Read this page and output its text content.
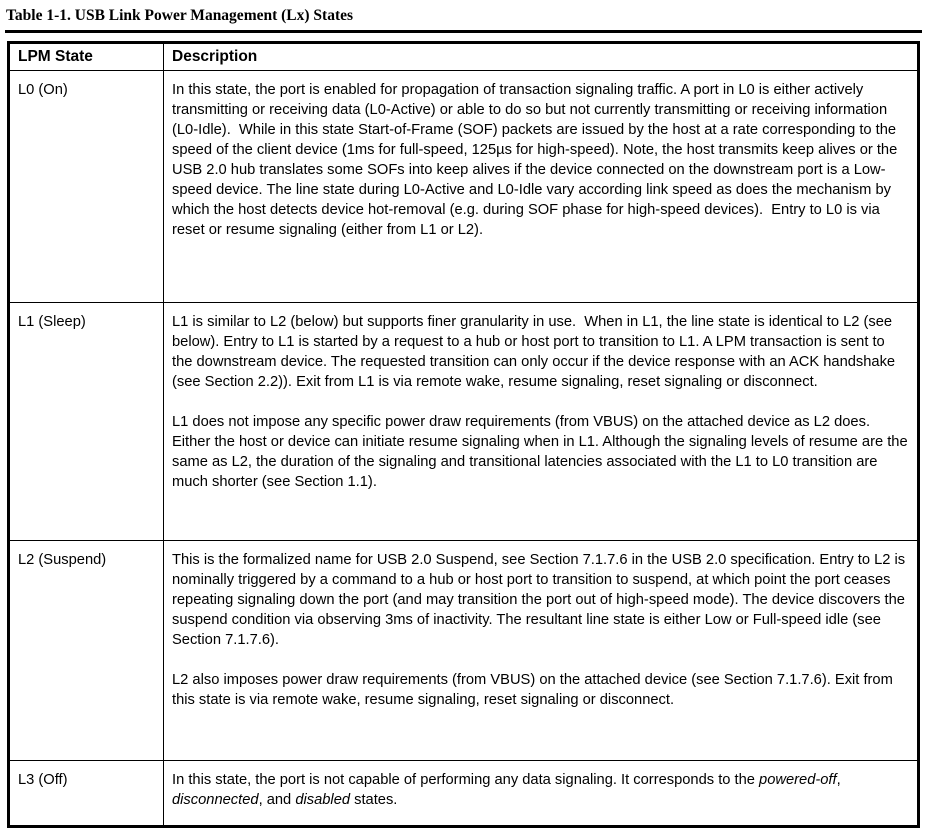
Table 1-1. USB Link Power Management (Lx) States
LPM State	Description
L0 (On)	In this state, the port is enabled for propagation of transaction signaling traffic. A port in L0 is either actively transmitting or receiving data (L0-Active) or able to do so but not currently transmitting or receiving information (L0-Idle).  While in this state Start-of-Frame (SOF) packets are issued by the host at a rate corresponding to the speed of the client device (1ms for full-speed, 125µs for high-speed). Note, the host transmits keep alives or the USB 2.0 hub translates some SOFs into keep alives if the device connected on the downstream port is a Low-speed device. The line state during L0-Active and L0-Idle vary according link speed as does the mechanism by which the host detects device hot-removal (e.g. during SOF phase for high-speed devices).  Entry to L0 is via reset or resume signaling (either from L1 or L2).

L1 (Sleep)	L1 is similar to L2 (below) but supports finer granularity in use.  When in L1, the line state is identical to L2 (see below). Entry to L1 is started by a request to a hub or host port to transition to L1. A LPM transaction is sent to the downstream device. The requested transition can only occur if the device response with an ACK handshake (see Section 2.2)). Exit from L1 is via remote wake, resume signaling, reset signaling or disconnect.

L1 does not impose any specific power draw requirements (from VBUS) on the attached device as L2 does. Either the host or device can initiate resume signaling when in L1. Although the signaling levels of resume are the same as L2, the duration of the signaling and transitional latencies associated with the L1 to L0 transition are much shorter (see Section 1.1).

L2 (Suspend)	This is the formalized name for USB 2.0 Suspend, see Section 7.1.7.6 in the USB 2.0 specification. Entry to L2 is nominally triggered by a command to a hub or host port to transition to suspend, at which point the port ceases repeating signaling down the port (and may transition the port out of high-speed mode). The device discovers the suspend condition via observing 3ms of inactivity. The resultant line state is either Low or Full-speed idle (see Section 7.1.7.6).

L2 also imposes power draw requirements (from VBUS) on the attached device (see Section 7.1.7.6). Exit from this state is via remote wake, resume signaling, reset signaling or disconnect.

L3 (Off)	In this state, the port is not capable of performing any data signaling. It corresponds to the powered-off, disconnected, and disabled states.
